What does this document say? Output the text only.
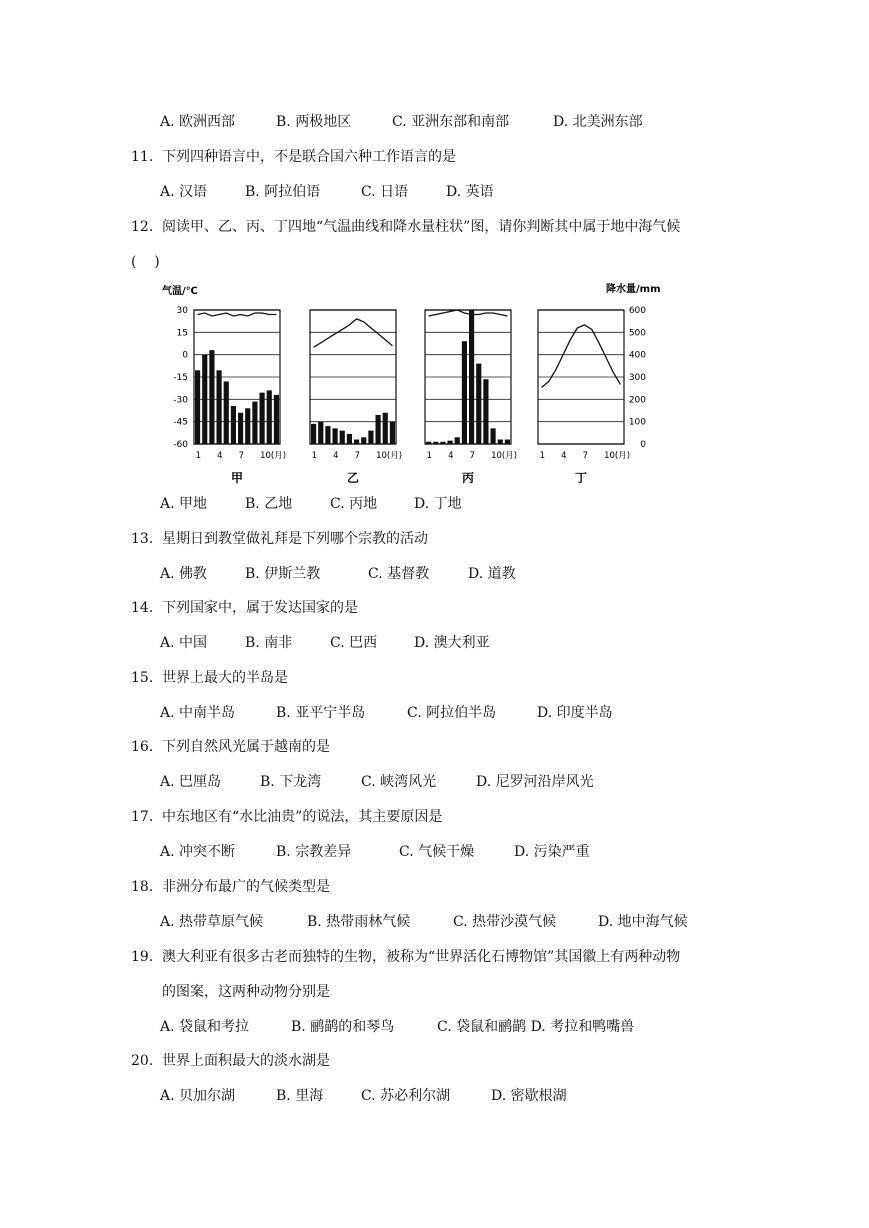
A. 欧洲西部	B. 两极地区	C. 亚洲东部和南部	D. 北美洲东部
11. 下列四种语言中，不是联合国六种工作语言的是
A. 汉语	B. 阿拉伯语	C. 日语	D. 英语
12. 阅读甲、乙、丙、丁四地“气温曲线和降水量柱状”图，请你判断其中属于地中海气候
(    )
气温/℃	降水量/mm
30
15
0
-15
-30
-45
-60
600
500
400
300
200
100
0
甲	乙	丙	丁
1 4 7 10(月)	1 4 7 10(月)	1 4 7 10(月)	1 4 7 10(月)
A. 甲地	B. 乙地	C. 丙地	D. 丁地
13. 星期日到教堂做礼拜是下列哪个宗教的活动
A. 佛教	B. 伊斯兰教	C. 基督教	D. 道教
14. 下列国家中，属于发达国家的是
A. 中国	B. 南非	C. 巴西	D. 澳大利亚
15. 世界上最大的半岛是
A. 中南半岛	B. 亚平宁半岛	C. 阿拉伯半岛	D. 印度半岛
16. 下列自然风光属于越南的是
A. 巴厘岛	B. 下龙湾	C. 峡湾风光	D. 尼罗河沿岸风光
17. 中东地区有“水比油贵”的说法，其主要原因是
A. 冲突不断	B. 宗教差异	C. 气候干燥	D. 污染严重
18. 非洲分布最广的气候类型是
A. 热带草原气候	B. 热带雨林气候	C. 热带沙漠气候	D. 地中海气候
19. 澳大利亚有很多古老而独特的生物，被称为“世界活化石博物馆”其国徽上有两种动物
的图案，这两种动物分别是
A. 袋鼠和考拉	B. 鹂鹋的和琴鸟	C. 袋鼠和鹂鹋 D. 考拉和鸭嘴兽
20. 世界上面积最大的淡水湖是
A. 贝加尔湖	B. 里海	C. 苏必利尔湖	D. 密歇根湖
